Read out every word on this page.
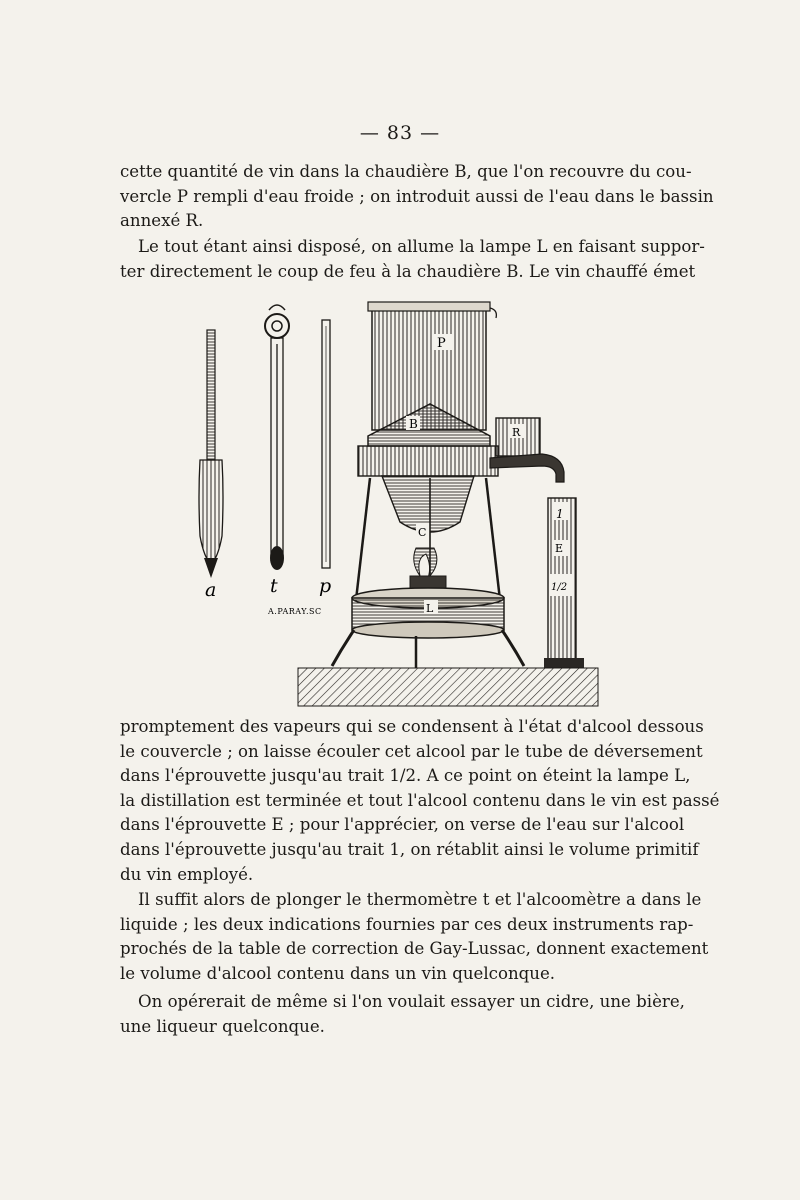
— 83 —
cette quantité de vin dans la chaudière B, que l'on recouvre du cou-
vercle P rempli d'eau froide ; on introduit aussi de l'eau dans le bassin
annexé R.
Le tout étant ainsi disposé, on allume la lampe L en faisant suppor-
ter directement le coup de feu à la chaudière B. Le vin chauffé émet
a	t p
A.PARAY.SC
P
B
C
R
L
1
E
1/2
promptement des vapeurs qui se condensent à l'état d'alcool dessous
le couvercle ; on laisse écouler cet alcool par le tube de déversement
dans l'éprouvette jusqu'au trait 1/2. A ce point on éteint la lampe L,
la distillation est terminée et tout l'alcool contenu dans le vin est passé
dans l'éprouvette E ; pour l'apprécier, on verse de l'eau sur l'alcool
dans l'éprouvette jusqu'au trait 1, on rétablit ainsi le volume primitif
du vin employé.
Il suffit alors de plonger le thermomètre t et l'alcoomètre a dans le
liquide ; les deux indications fournies par ces deux instruments rap-
prochés de la table de correction de Gay-Lussac, donnent exactement
le volume d'alcool contenu dans un vin quelconque.
On opérerait de même si l'on voulait essayer un cidre, une bière,
une liqueur quelconque.
